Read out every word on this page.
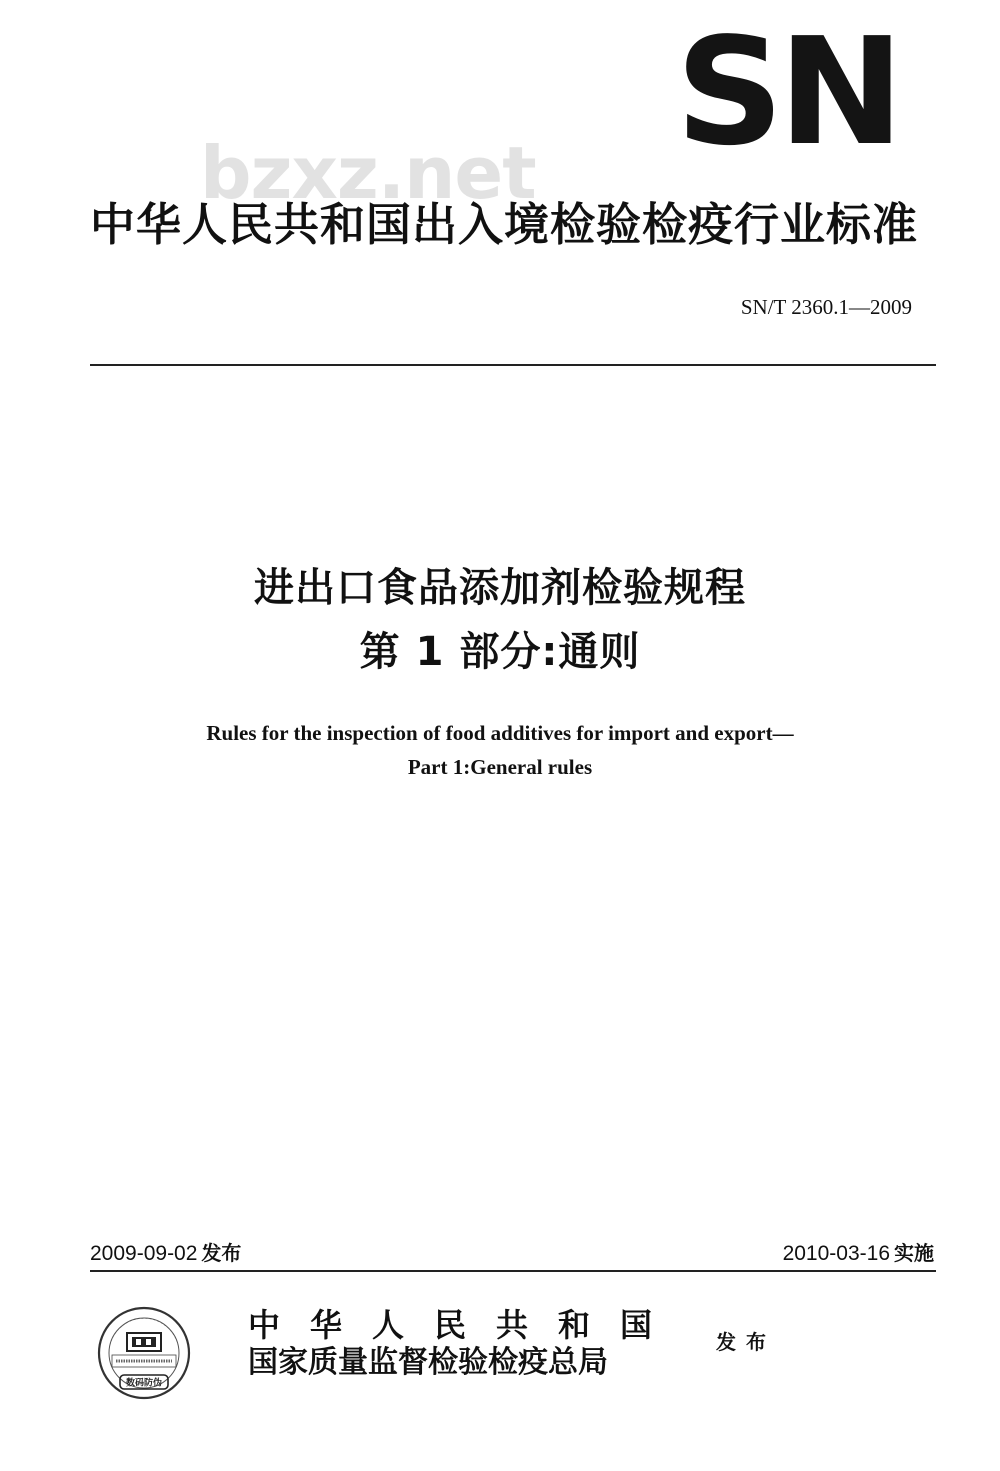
SN
bzxz.net
中华人民共和国出入境检验检疫行业标准
SN/T 2360.1—2009
进出口食品添加剂检验规程
第 1 部分:通则
Rules for the inspection of food additives for import and export—
Part 1:General rules
2009-09-02 发布	2010-03-16 实施
数码防伪
中华人民共和国
国家质量监督检验检疫总局
发布
